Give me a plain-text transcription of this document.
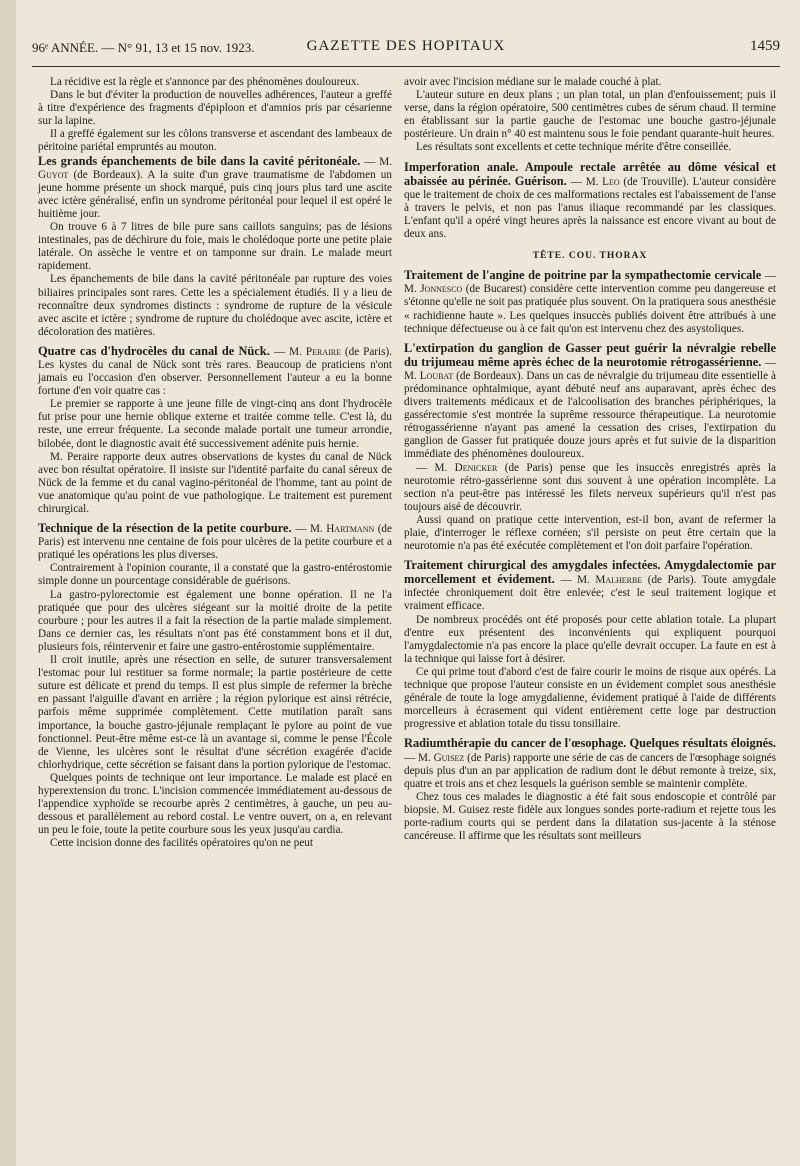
96ᵉ ANNÉE. — N° 91, 13 et 15 nov. 1923.	GAZETTE DES HOPITAUX	1459

La récidive est la règle et s'annonce par des phénomènes douloureux.

Dans le but d'éviter la production de nouvelles adhérences, l'auteur a greffé à titre d'expérience des fragments d'épiploon et d'amnios pris par césarienne sur la lapine.

Il a greffé également sur les côlons transverse et ascendant des lambeaux de péritoine pariétal empruntés au mouton.

Les grands épanchements de bile dans la cavité péritonéale.

— M. Guyot (de Bordeaux). A la suite d'un grave traumatisme de l'abdomen un jeune homme présente un shock marqué, puis cinq jours plus tard une ascite avec ictère généralisé, enfin un syndrome péritonéal pour lequel il est opéré le huitième jour.

On trouve 6 à 7 litres de bile pure sans caillots sanguins; pas de lésions intestinales, pas de déchirure du foie, mais le cholédoque porte une petite plaie latérale. On assèche le ventre et on tamponne sur drain. Le malade meurt rapidement.

Les épanchements de bile dans la cavité péritonéale par rupture des voies biliaires principales sont rares. Cette les a spécialement étudiés. Il y a lieu de reconnaître deux syndromes distincts : syndrome de rupture de la vésicule avec ascite et ictère ; syndrome de rupture du cholédoque avec ascite, ictère et décoloration des matières.

Quatre cas d'hydrocèles du canal de Nück.

— M. Peraire (de Paris). Les kystes du canal de Nück sont très rares. Beaucoup de praticiens n'ont jamais eu l'occasion d'en observer. Personnellement l'auteur a eu la bonne fortune d'en voir quatre cas :

Le premier se rapporte à une jeune fille de vingt-cinq ans dont l'hydrocèle fut prise pour une hernie oblique externe et traitée comme telle. C'est là, du reste, une erreur fréquente. La seconde malade portait une tumeur arrondie, bilobée, dont le diagnostic avait été successivement adénite puis hernie.

M. Peraire rapporte deux autres observations de kystes du canal de Nück avec bon résultat opératoire. Il insiste sur l'identité parfaite du canal séreux de Nück de la femme et du canal vagino-péritonéal de l'homme, tant au point de vue anatomique qu'au point de vue pathologique. Le traitement est purement chirurgical.

Technique de la résection de la petite courbure.

— M. Hartmann (de Paris) est intervenu nne centaine de fois pour ulcères de la petite courbure et a pratiqué les opérations les plus diverses.

Contrairement à l'opinion courante, il a constaté que la gastro-entérostomie simple donne un pourcentage considérable de guérisons.

La gastro-pylorectomie est également une bonne opération. Il ne l'a pratiquée que pour des ulcères siégeant sur la moitié droite de la petite courbure ; pour les autres il a fait la résection de la partie malade simplement. Dans ce dernier cas, les résultats n'ont pas été constamment bons et il dut, plusieurs fois, réintervenir et faire une gastro-entérostomie supplémentaire.

Il croit inutile, après une résection en selle, de suturer transversalement l'estomac pour lui restituer sa forme normale; la partie postérieure de cette suture est délicate et prend du temps. Il est plus simple de refermer la brèche en passant l'aiguille d'avant en arrière ; la région pylorique est ainsi rétrécie, parfois même supprimée complètement. Cette mutilation paraît sans importance, la bouche gastro-jéjunale remplaçant le pylore au point de vue fonctionnel. Peut-être même est-ce là un avantage si, comme le pense l'École de Vienne, les ulcères sont le résultat d'une sécrétion exagérée d'acide chlorhydrique, cette sécrétion se faisant dans la portion pylorique de l'estomac.

Quelques points de technique ont leur importance. Le malade est placé en hyperextension du tronc. L'incision commencée immédiatement au-dessous de l'appendice xyphoïde se recourbe après 2 centimètres, à gauche, un peu au-dessous et parallèlement au rebord costal. Le ventre ouvert, on a, en relevant un peu le foie, toute la petite courbure sous les yeux jusqu'au cardia.

Cette incision donne des facilités opératoires qu'on ne peut

avoir avec l'incision médiane sur le malade couché à plat.

L'auteur suture en deux plans ; un plan total, un plan d'enfouissement; puis il verse, dans la région opératoire, 500 centimètres cubes de sérum chaud. Il termine en établissant sur la partie gauche de l'estomac une bouche gastro-jéjunale postérieure. Un drain n° 40 est maintenu sous le foie pendant quarante-huit heures.

Les résultats sont excellents et cette technique mérite d'être conseillée.

Imperforation anale. Ampoule rectale arrêtée au dôme vésical et abaissée au périnée. Guérison.

— M. Leo (de Trouville). L'auteur considère que le traitement de choix de ces malformations rectales est l'abaissement de l'anse à travers le pelvis, et non pas l'anus iliaque recommandé par les classiques. L'enfant qu'il a opéré vingt heures après la naissance est encore vivant au bout de deux ans.

TÊTE. COU. THORAX
Traitement de l'angine de poitrine par la sympathectomie cervicale

— M. Jonnesco (de Bucarest) considère cette intervention comme peu dangereuse et s'étonne qu'elle ne soit pas pratiquée plus souvent. On la pratiquera sous anesthésie « rachidienne haute ». Les quelques insuccès publiés doivent être attribués à une technique défectueuse ou à ce fait qu'on est intervenu chez des asystoliques.

L'extirpation du ganglion de Gasser peut guérir la névralgie rebelle du trijumeau même après échec de la neurotomie rétrogassérienne.

— M. Loubat (de Bordeaux). Dans un cas de névralgie du trijumeau dite essentielle à prédominance ophtalmique, ayant débuté neuf ans auparavant, après échec des divers traitements médicaux et de l'alcoolisation des branches périphériques, la gassérectomie s'est montrée la suprême ressource thérapeutique. La neurotomie rétrogassérienne n'ayant pas amené la cessation des crises, l'extirpation du ganglion de Gasser fut pratiquée douze jours après et fut suivie de la disparition immédiate des phénomènes douloureux.

— M. Denicker (de Paris) pense que les insuccès enregistrés après la neurotomie rétro-gassérienne sont dus souvent à une opération incomplète. La section n'a peut-être pas intéressé les filets nerveux supérieurs qu'il n'est pas toujours aisé de découvrir.

Aussi quand on pratique cette intervention, est-il bon, avant de refermer la plaie, d'interroger le réflexe cornéen; s'il persiste on peut être certain que la neurotomie n'a pas été exécutée complètement et l'on doit parfaire l'opération.

Traitement chirurgical des amygdales infectées. Amygdalectomie par morcellement et évidement.

— M. Malherbe (de Paris). Toute amygdale infectée chroniquement doit être enlevée; c'est le seul traitement logique et vraiment efficace.

De nombreux procédés ont été proposés pour cette ablation totale. La plupart d'entre eux présentent des inconvénients qui expliquent pourquoi l'amygdalectomie n'a pas encore la place qu'elle devrait occuper. La faute en est à la technique qui laisse fort à désirer.

Ce qui prime tout d'abord c'est de faire courir le moins de risque aux opérés. La technique que propose l'auteur consiste en un évidement complet sous anesthésie générale de toute la loge amygdalienne, évidement pratiqué à l'aide de différents morcelleurs à écrasement qui vident entièrement cette loge par destruction progressive et ablation totale du tissu tonsillaire.

Radiumthérapie du cancer de l'œsophage. Quelques résultats éloignés.

— M. Guisez (de Paris) rapporte une série de cas de cancers de l'œsophage soignés depuis plus d'un an par application de radium dont le début remonte à treize, six, quatre et trois ans et chez lesquels la guérison semble se maintenir complète.

Chez tous ces malades le diagnostic a été fait sous endoscopie et contrôlé par biopsie. M. Guisez reste fidèle aux longues sondes porte-radium et rejette tous les porte-radium courts qui se perdent dans la dilatation sus-jacente à la sténose cancéreuse. Il affirme que les résultats sont meilleurs
